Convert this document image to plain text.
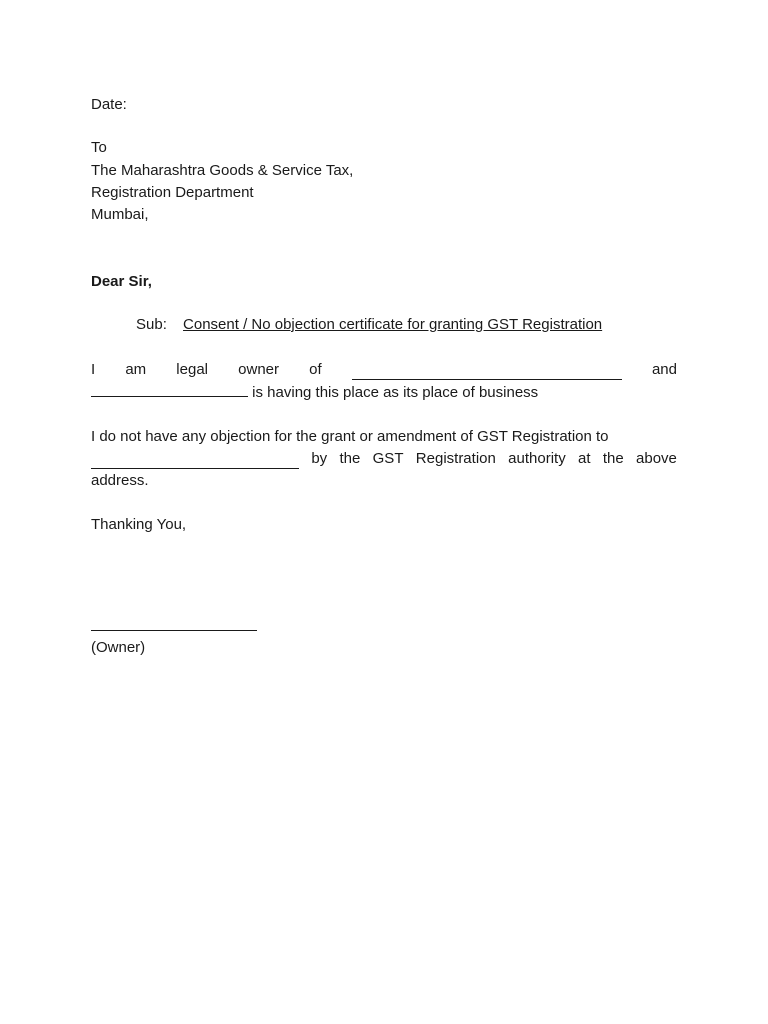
Date:
To
The Maharashtra Goods & Service Tax,
Registration Department
Mumbai,
Dear Sir,
Sub: Consent / No objection certificate for granting GST Registration
I am legal owner of	and
is having this place as its place of business
I do not have any objection for the grant or amendment of GST Registration to
by the GST Registration authority at the above
address.
Thanking You,
(Owner)
